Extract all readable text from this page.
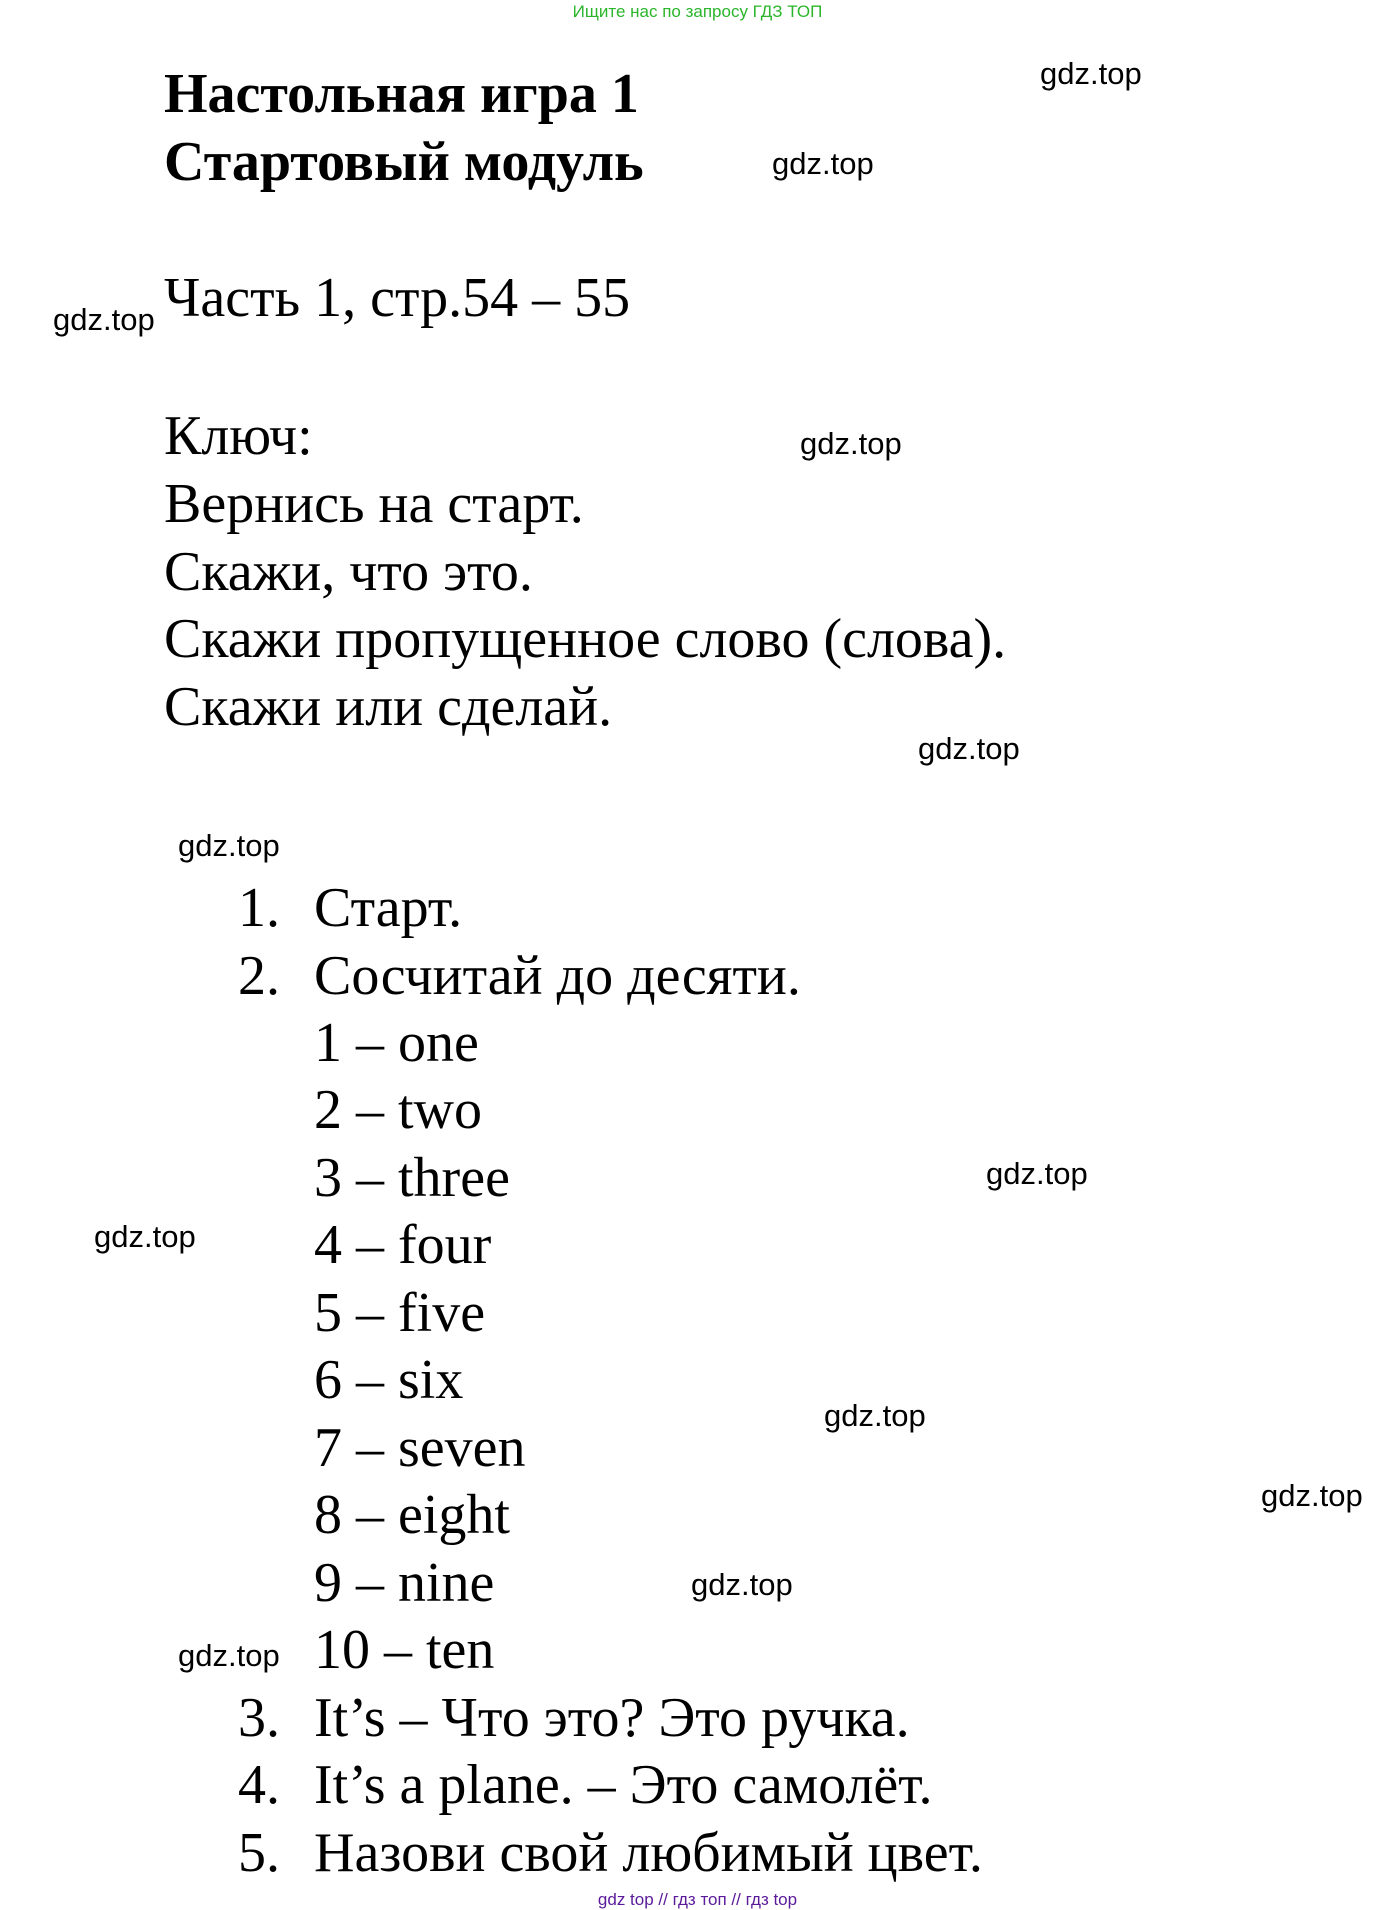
Ищите нас по запросу ГДЗ ТОП
Настольная игра 1
Стартовый модуль
Часть 1, стр.54 – 55
Ключ:
Вернись на старт.
Скажи, что это.
Скажи пропущенное слово (слова).
Скажи или сделай.
1. Старт.
2. Сосчитай до десяти.
1 – one
2 – two
3 – three
4 – four
5 – five
6 – six
7 – seven
8 – eight
9 – nine
10 – ten
3. It’s – Что это? Это ручка.
4. It’s a plane. – Это самолёт.
5. Назови свой любимый цвет.
gdz.top
gdz.top
gdz.top
gdz.top
gdz.top
gdz.top
gdz.top
gdz.top
gdz.top
gdz.top
gdz.top
gdz.top
gdz top // гдз топ // гдз top
